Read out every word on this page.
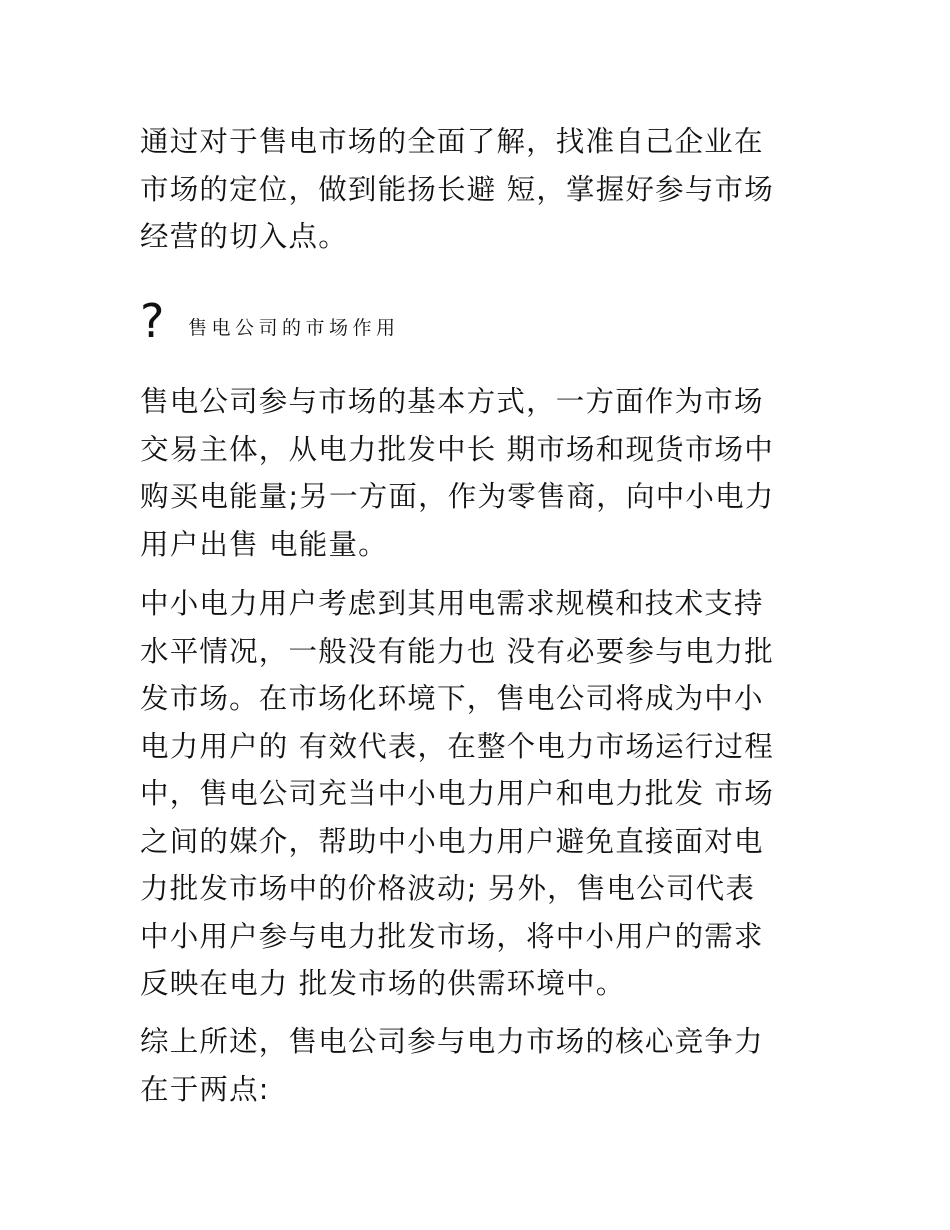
通过对于售电市场的全面了解，找准自己企业在
市场的定位，做到能扬长避 短，掌握好参与市场
经营的切入点。
?	售电公司的市场作用
售电公司参与市场的基本方式，一方面作为市场
交易主体，从电力批发中长 期市场和现货市场中
购买电能量;另一方面，作为零售商，向中小电力
用户出售 电能量。
中小电力用户考虑到其用电需求规模和技术支持
水平情况，一般没有能力也 没有必要参与电力批
发市场。在市场化环境下，售电公司将成为中小
电力用户的 有效代表，在整个电力市场运行过程
中，售电公司充当中小电力用户和电力批发 市场
之间的媒介，帮助中小电力用户避免直接面对电
力批发市场中的价格波动; 另外，售电公司代表
中小用户参与电力批发市场，将中小用户的需求
反映在电力 批发市场的供需环境中。
综上所述，售电公司参与电力市场的核心竞争力
在于两点:
